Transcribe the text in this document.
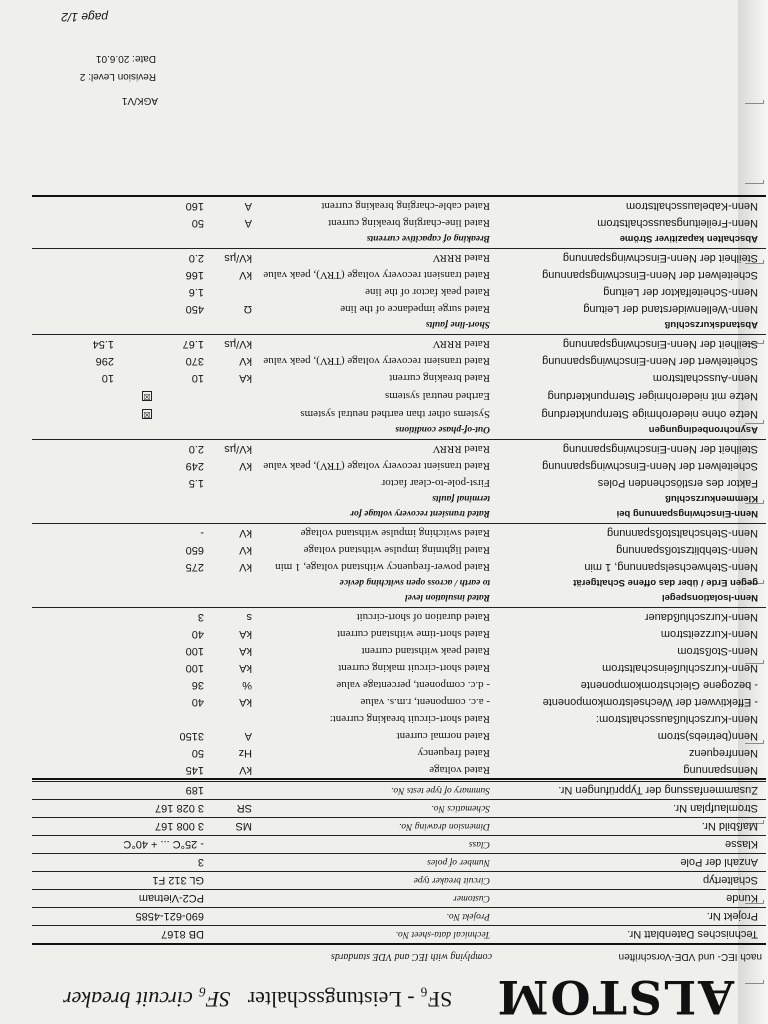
ALSTOM
SF₆ - Leistungsschalter SF₆ circuit breaker
nach IEC- und VDE-Vorschriften
complying with IEC and VDE standards
Technisches Datenblatt Nr.
Technical data-sheet No.
DB 8167
Projekt Nr.
Projekt No.
690-621-4585
Kunde
Customer
PC2-Vietnam
Schaltertyp
Circuit breaker type
GL 312 F1
Anzahl der Pole
Number of poles
3
Klasse
Class
- 25°C ... + 40°C
Maßbild Nr.
Dimension drawing No.
MS
3 008 167
Stromlaufplan Nr.
Schematics No.
SR
3 028 167
Zusammenfassung der Typprüfungen Nr.
Summary of type tests No.
189
Nennspannung
Rated voltage
kV
145
Nennfrequenz
Rated frequency
Hz
50
Nenn(betriebs)strom
Rated normal current
A
3150
Nenn-Kurzschlußausschaltstrom:
Rated short-circuit breaking current:
- Effektivwert der Wechselstromkomponente
- a.c. component, r.m.s. value
kA
40
- bezogene Gleichstromkomponente
- d.c. component, percentage value
%
36
Nenn-Kurzschlußeinschaltstrom
Rated short-circuit making current
kA
100
Nenn-Stoßstrom
Rated peak withstand current
kA
100
Nenn-Kurzzeitstrom
Rated short-time withstand current
kA
40
Nenn-Kurzschlußdauer
Rated duration of short-circuit
s
3
Nenn-Isolationspegel
Rated insulation level
gegen Erde / über das offene Schaltgerät
to earth / across open switching device
Nenn-Stehwechselspannung, 1 min
Rated power-frequency withstand voltage, 1 min
kV
275
Nenn-Stehblitzstoßspannung
Rated lightning impulse withstand voltage
kV
650
Nenn-Stehschaltstoßspannung
Rated switching impulse withstand voltage
kV
-
Nenn-Einschwingspannung bei
Rated transient recovery voltage for
Klemmenkurzschluß
terminal faults
Faktor des erstlöschenden Poles
First-pole-to-clear factor
1.5
Scheitelwert der Nenn-Einschwingspannung
Rated transient recovery voltage (TRV), peak value
kV
249
Steilheit der Nenn-Einschwingspannung
Rated RRRV
kV/µs
2.0
Asynchronbedingungen
Out-of-phase conditions
Netze ohne niederohmige Sternpunkterdung
Systems other than earthed neutral systems
☒
Netze mit niederohmiger Sternpunkterdung
Earthed neutral systems
☒
Nenn-Ausschaltstrom
Rated breaking current
kA
10
10
Scheitelwert der Nenn-Einschwingspannung
Rated transient recovery voltage (TRV), peak value
kV
370
296
Steilheit der Nenn-Einschwingspannung
Rated RRRV
kV/µs
1.67
1.54
Abstandskurzschluß
Short-line faults
Nenn-Wellenwiderstand der Leitung
Rated surge impedance of the line
Ω
450
Nenn-Scheitelfaktor der Leitung
Rated peak factor of the line
1.6
Scheitelwert der Nenn-Einschwingspannung
Rated transient recovery voltage (TRV), peak value
kV
166
Steilheit der Nenn-Einschwingspannung
Rated RRRV
kV/µs
2.0
Abschalten kapazitiver Ströme
Breaking of capacitive currents
Nenn-Freileitungsausschaltstrom
Rated line-charging breaking current
A
50
Nenn-Kabelausschaltstrom
Rated cable-charging breaking current
A
160
AGK/V1
Revision Level: 2
Date: 20.6.01
page 1/2
